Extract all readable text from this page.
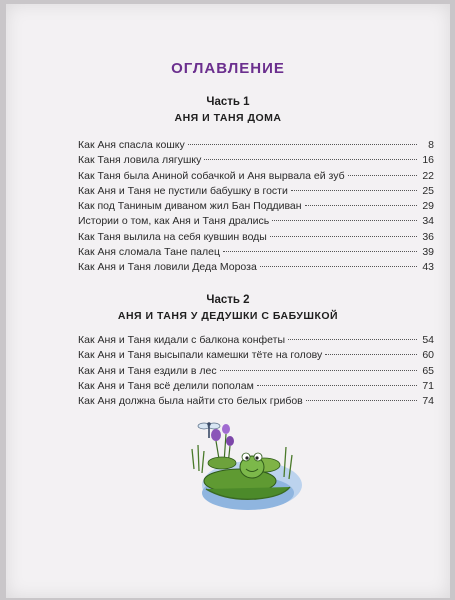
ОГЛАВЛЕНИЕ
Часть 1
АНЯ И ТАНЯ ДОМА
Как Аня спасла кошку	8
Как Таня ловила лягушку	16
Как Таня была Аниной собачкой и Аня вырвала ей зуб	22
Как Аня и Таня не пустили бабушку в гости	25
Как под Таниным диваном жил Бан Поддиван	29
Истории о том, как Аня и Таня дрались	34
Как Таня вылила на себя кувшин воды	36
Как Аня сломала Тане палец	39
Как Аня и Таня ловили Деда Мороза	43
Часть 2
АНЯ И ТАНЯ У ДЕДУШКИ С БАБУШКОЙ
Как Аня и Таня кидали с балкона конфеты	54
Как Аня и Таня высыпали камешки тёте на голову	60
Как Аня и Таня ездили в лес	65
Как Аня и Таня всё делили пополам	71
Как Аня должна была найти сто белых грибов	74
